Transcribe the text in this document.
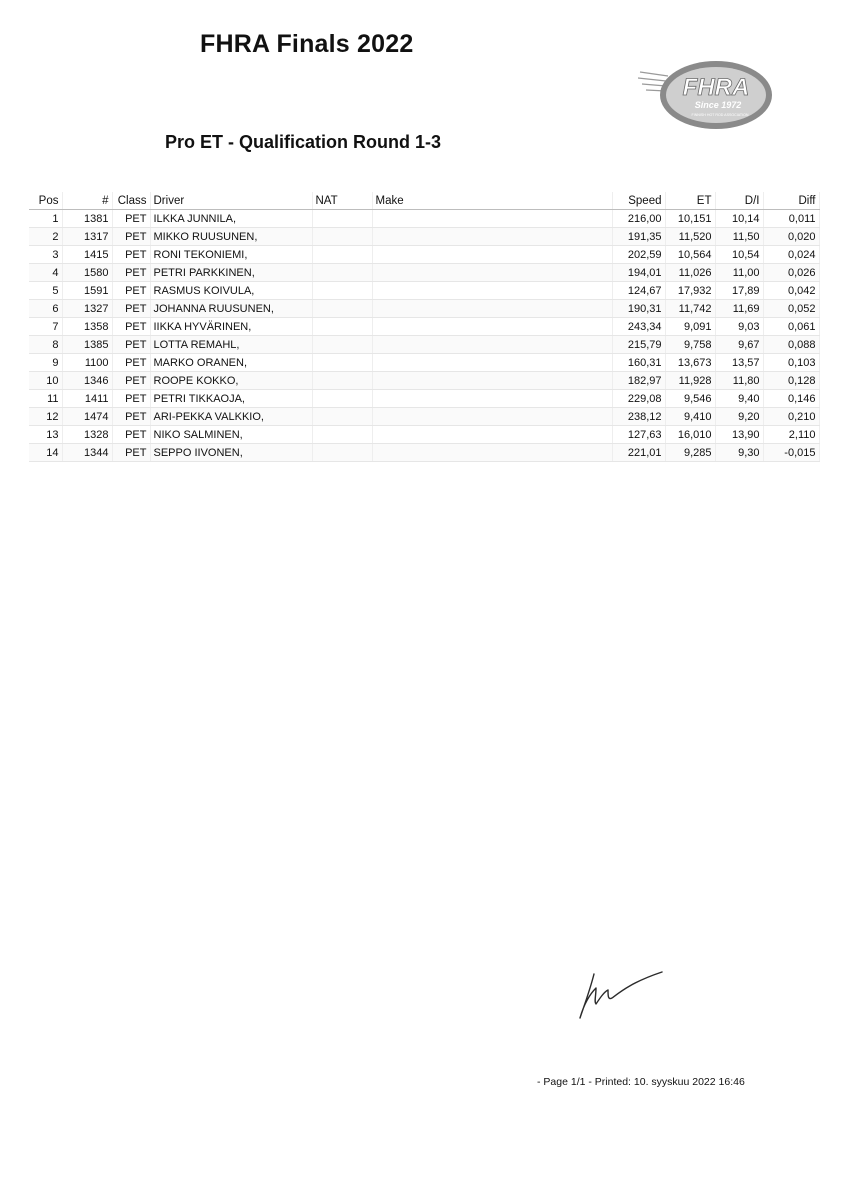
FHRA Finals 2022
FHRA
Since 1972
FINNISH HOT ROD ASSOCIATION
Pro ET - Qualification Round 1-3
Pos	#	Class	Driver	NAT	Make	Speed	ET	D/I	Diff
1	1381	PET	ILKKA JUNNILA,			216,00	10,151	10,14	0,011
2	1317	PET	MIKKO RUUSUNEN,			191,35	11,520	11,50	0,020
3	1415	PET	RONI TEKONIEMI,			202,59	10,564	10,54	0,024
4	1580	PET	PETRI PARKKINEN,			194,01	11,026	11,00	0,026
5	1591	PET	RASMUS KOIVULA,			124,67	17,932	17,89	0,042
6	1327	PET	JOHANNA RUUSUNEN,			190,31	11,742	11,69	0,052
7	1358	PET	IIKKA HYVÄRINEN,			243,34	9,091	9,03	0,061
8	1385	PET	LOTTA REMAHL,			215,79	9,758	9,67	0,088
9	1100	PET	MARKO ORANEN,			160,31	13,673	13,57	0,103
10	1346	PET	ROOPE KOKKO,			182,97	11,928	11,80	0,128
11	1411	PET	PETRI TIKKAOJA,			229,08	9,546	9,40	0,146
12	1474	PET	ARI-PEKKA VALKKIO,			238,12	9,410	9,20	0,210
13	1328	PET	NIKO SALMINEN,			127,63	16,010	13,90	2,110
14	1344	PET	SEPPO IIVONEN,			221,01	9,285	9,30	-0,015
- Page 1/1 - Printed: 10. syyskuu 2022 16:46
